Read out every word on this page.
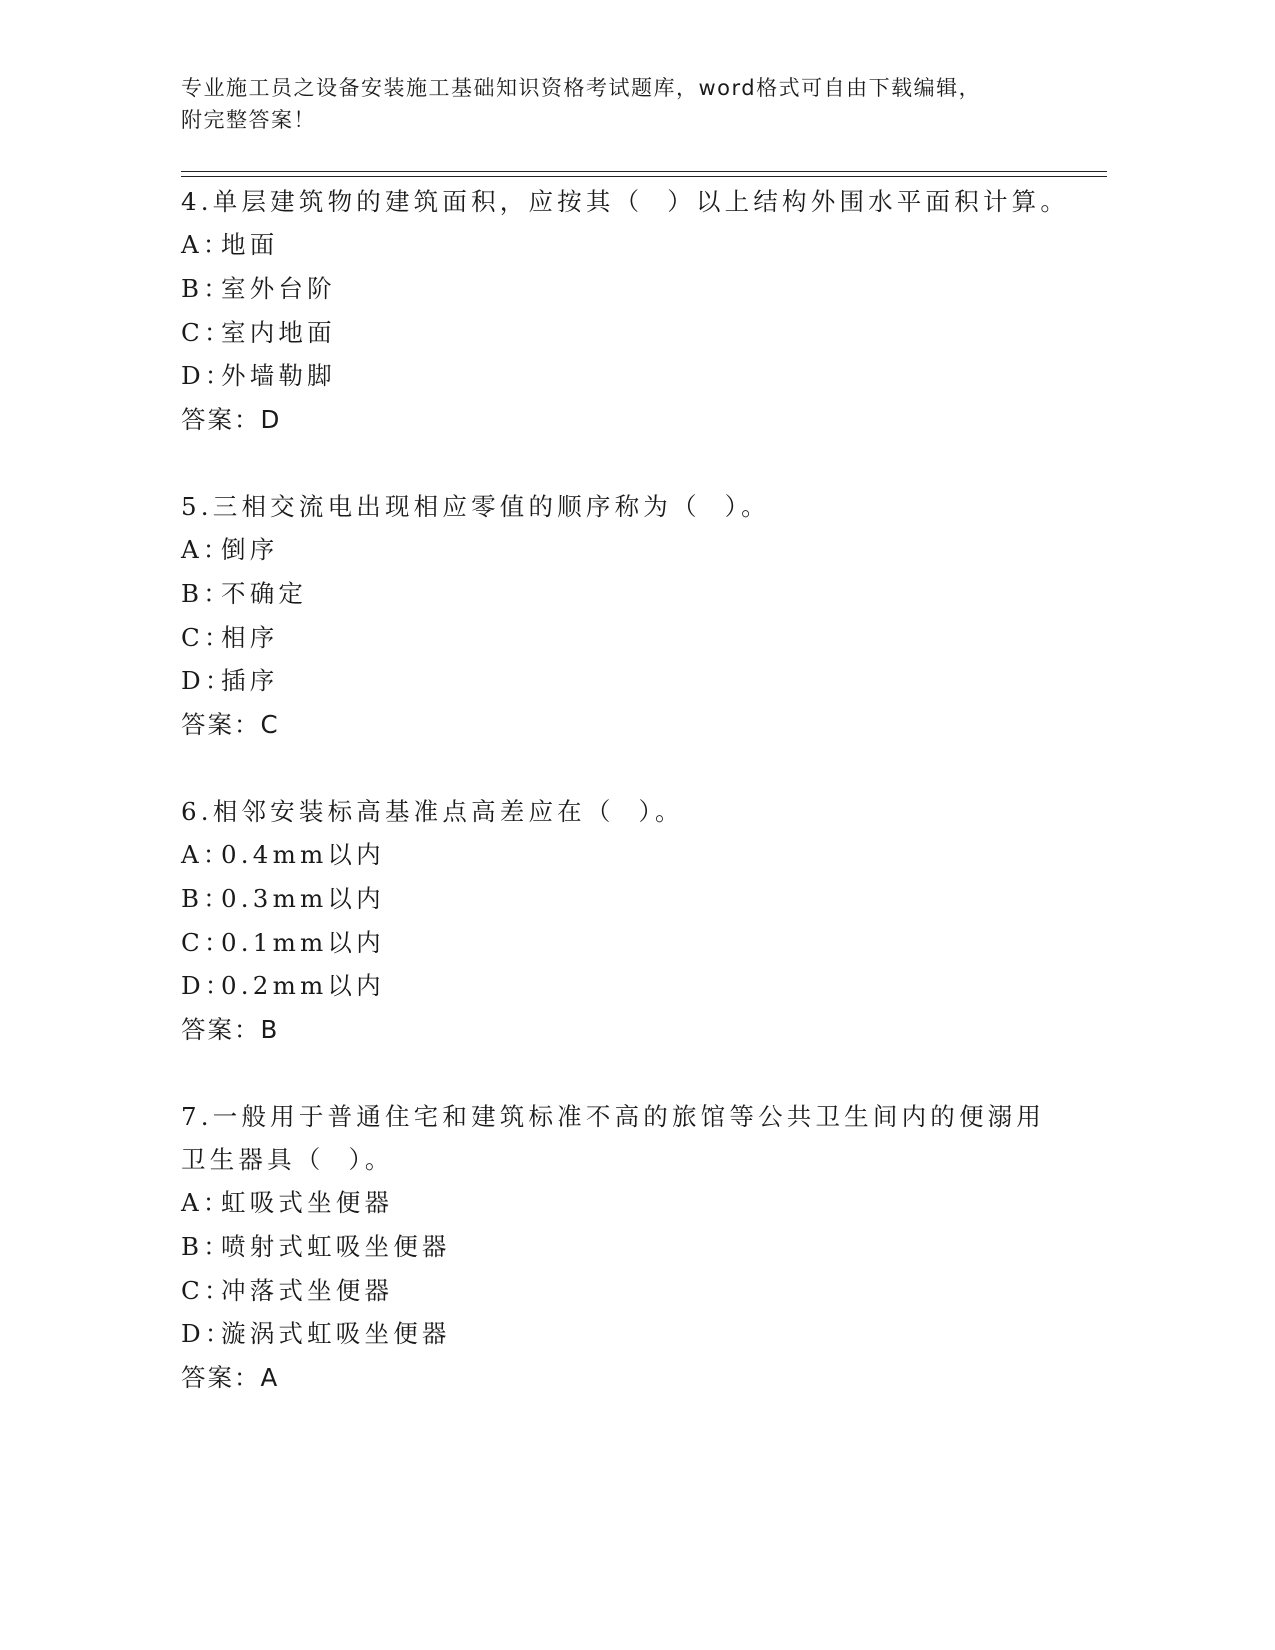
专业施工员之设备安装施工基础知识资格考试题库，word格式可自由下载编辑，
附完整答案！
4.单层建筑物的建筑面积，应按其（  ）以上结构外围水平面积计算。
A：
地面
B：
室外台阶
C：
室内地面
D：
外墙勒脚
答案：D
5.三相交流电出现相应零值的顺序称为（  ）。
A：
倒序
B：
不确定
C：
相序
D：
插序
答案：C
6.相邻安装标高基准点高差应在（  ）。
A：
0.4mm以内
B：
0.3mm以内
C：
0.1mm以内
D：
0.2mm以内
答案：B
7.一般用于普通住宅和建筑标准不高的旅馆等公共卫生间内的便溺用
卫生器具（  ）。
A：
虹吸式坐便器
B：
喷射式虹吸坐便器
C：
冲落式坐便器
D：
漩涡式虹吸坐便器
答案：A
